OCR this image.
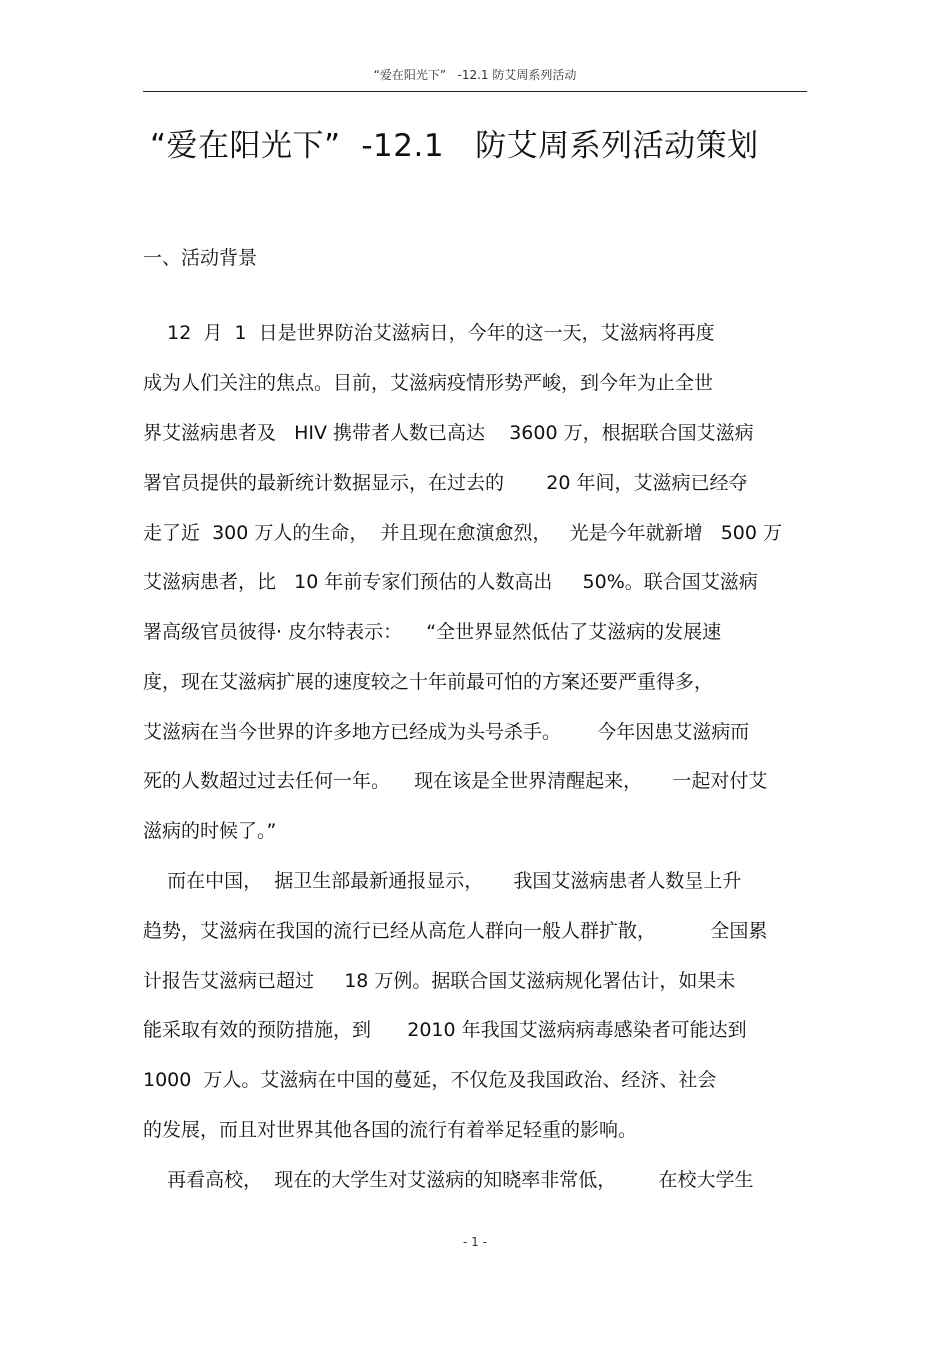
“爱在阳光下”   -12.1 防艾周系列活动
“爱在阳光下”  -12.1   防艾周系列活动策划
一、活动背景
12  月  1  日是世界防治艾滋病日，今年的这一天，艾滋病将再度
成为人们关注的焦点。目前，艾滋病疫情形势严峻，到今年为止全世
界艾滋病患者及   HIV 携带者人数已高达    3600 万，根据联合国艾滋病
署官员提供的最新统计数据显示，在过去的       20 年间，艾滋病已经夺
走了近  300 万人的生命，  并且现在愈演愈烈，   光是今年就新增   500 万
艾滋病患者，比   10 年前专家们预估的人数高出     50%。联合国艾滋病
署高级官员彼得· 皮尔特表示：    “全世界显然低估了艾滋病的发展速
度，现在艾滋病扩展的速度较之十年前最可怕的方案还要严重得多，
艾滋病在当今世界的许多地方已经成为头号杀手。      今年因患艾滋病而
死的人数超过过去任何一年。    现在该是全世界清醒起来，     一起对付艾
滋病的时候了。”
而在中国，  据卫生部最新通报显示，     我国艾滋病患者人数呈上升
趋势，艾滋病在我国的流行已经从高危人群向一般人群扩散，         全国累
计报告艾滋病已超过     18 万例。据联合国艾滋病规化署估计，如果未
能采取有效的预防措施，到      2010 年我国艾滋病病毒感染者可能达到
1000  万人。艾滋病在中国的蔓延，不仅危及我国政治、经济、社会
的发展，而且对世界其他各国的流行有着举足轻重的影响。
再看高校，  现在的大学生对艾滋病的知晓率非常低，       在校大学生
- 1 -
